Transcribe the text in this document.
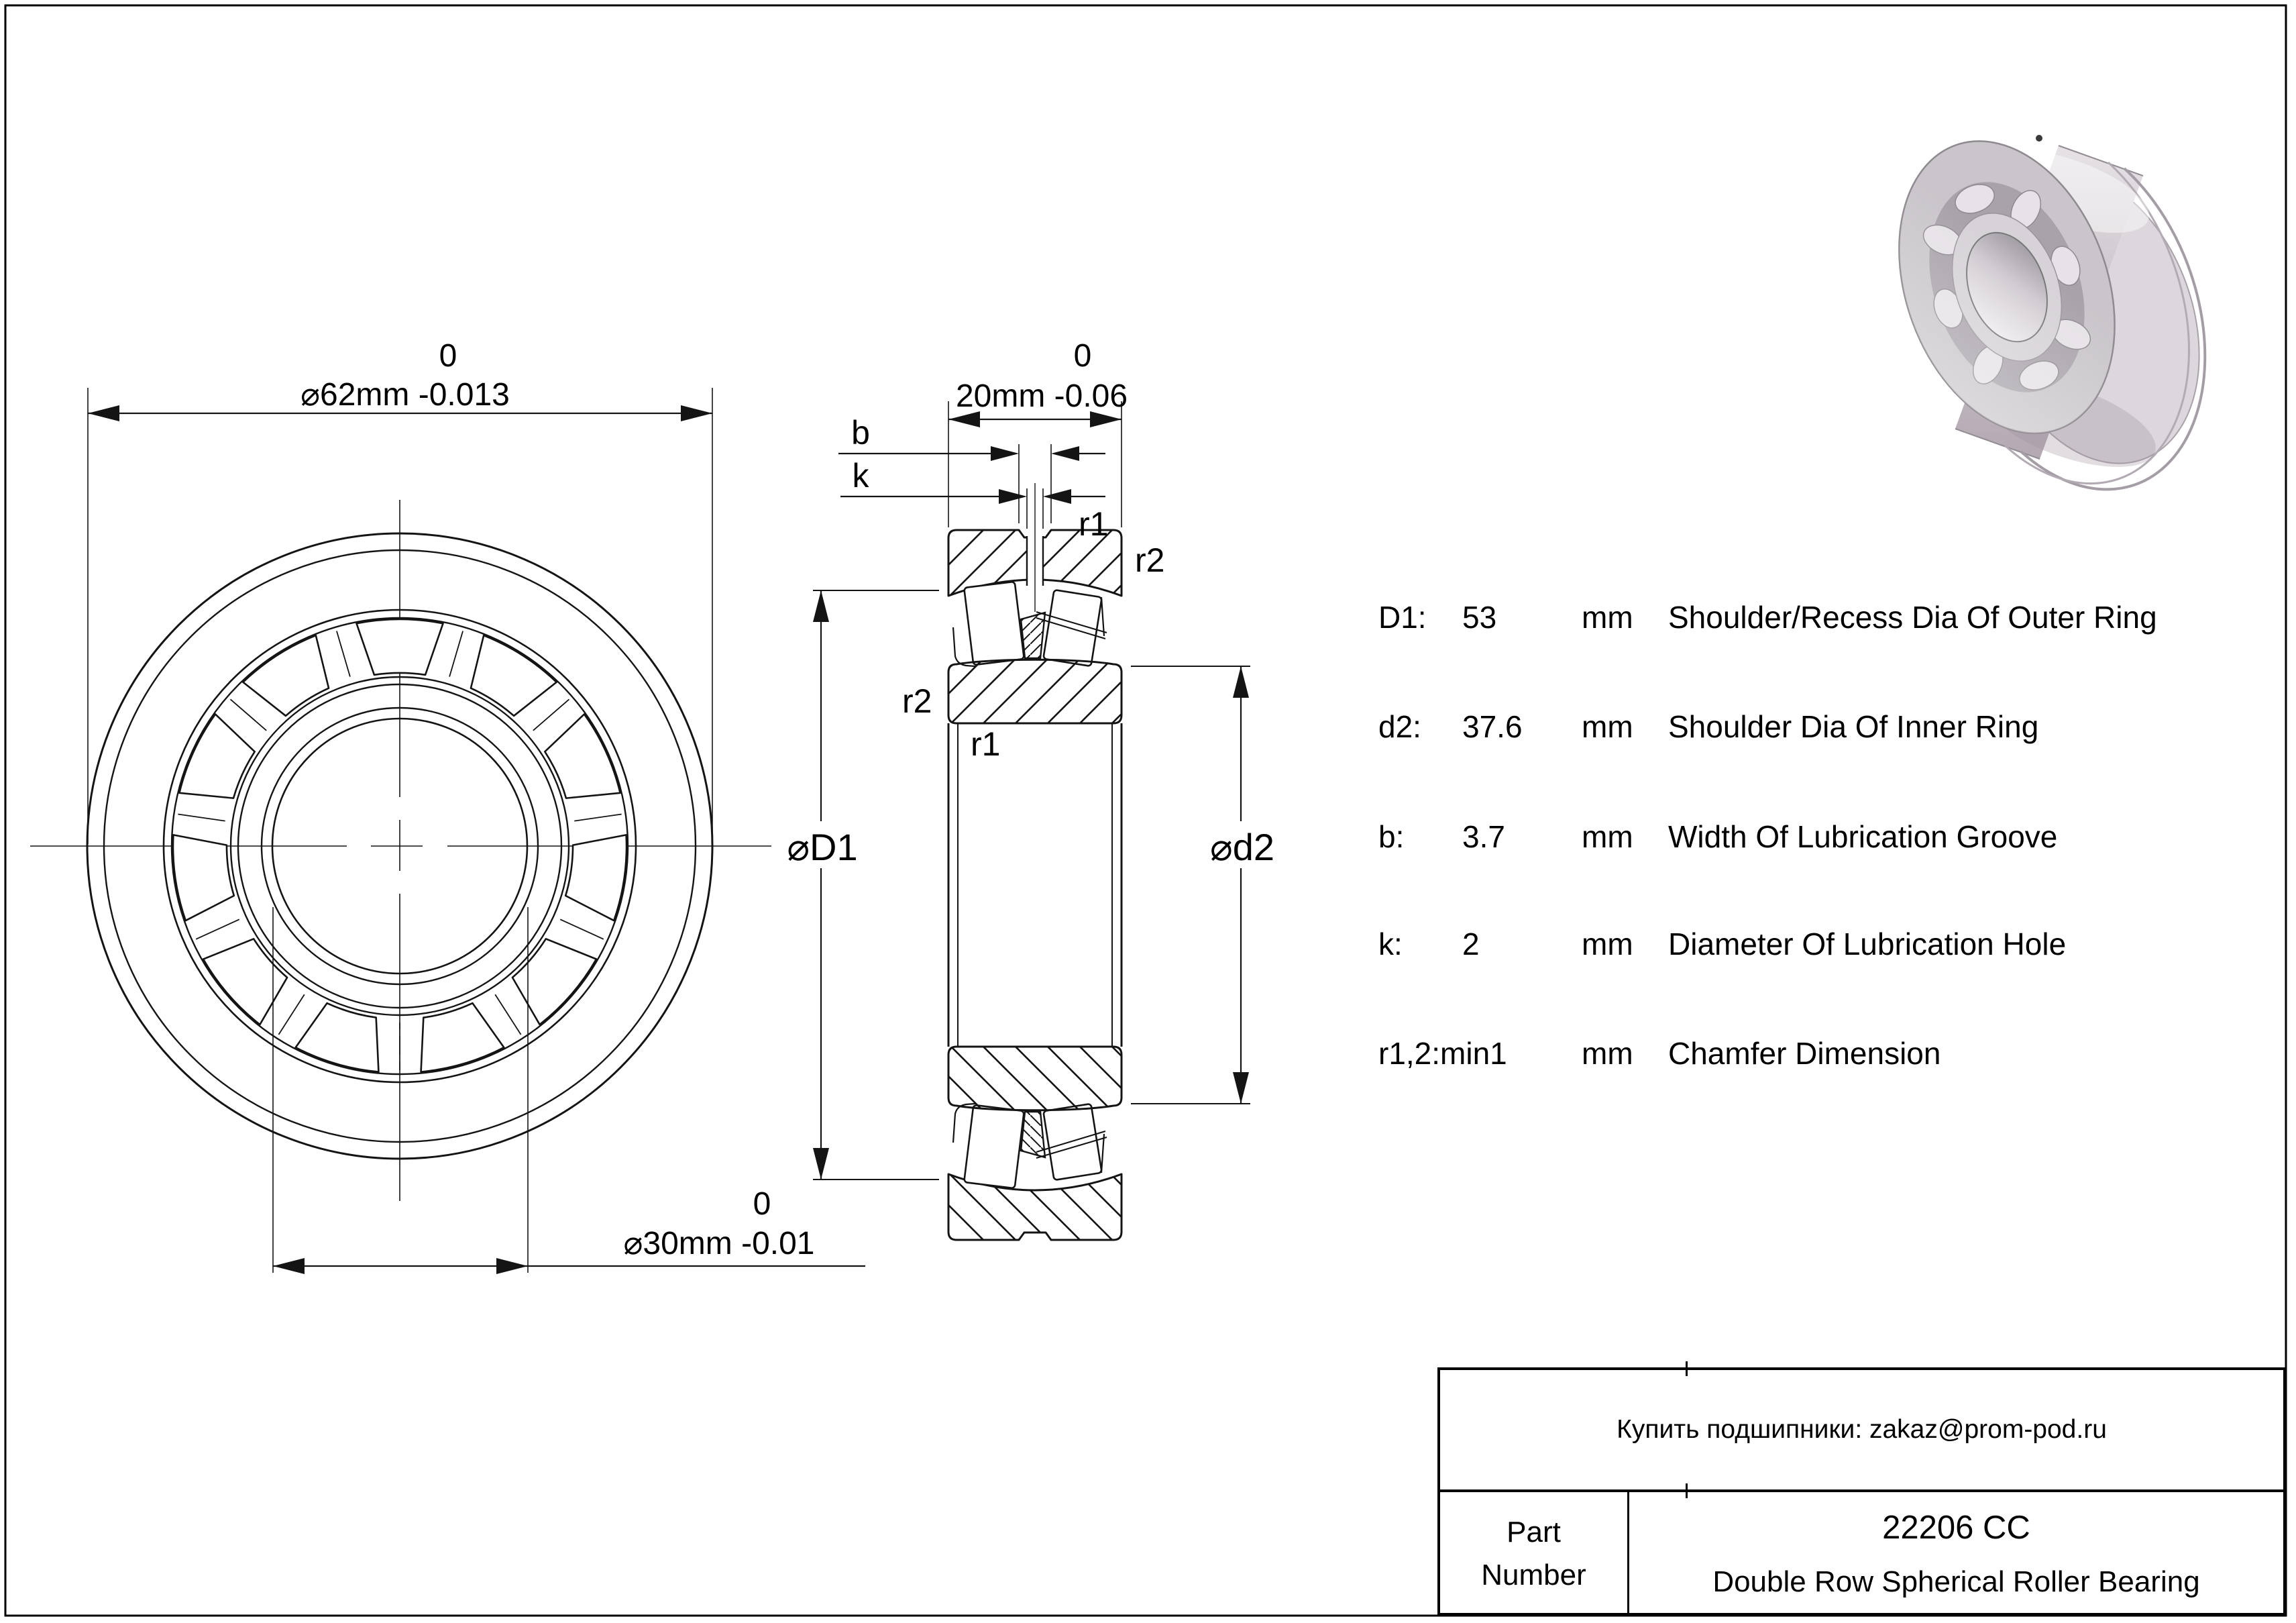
0
⌀62mm -0.013
0
⌀30mm -0.01
0
20mm -0.06
b
k
r1
r2
r2
r1
⌀D1	⌀d2
D1: 53	mm Shoulder/Recess Dia Of Outer Ring
d2: 37.6 mm Shoulder Dia Of Inner Ring
b: 3.7 mm Width Of Lubrication Groove
k: 2	mm Diameter Of Lubrication Hole
r1,2:min1 mm Chamfer Dimension
Купить подшипники: zakaz@prom-pod.ru
Part Number
22206 CC
Double Row Spherical Roller Bearing
